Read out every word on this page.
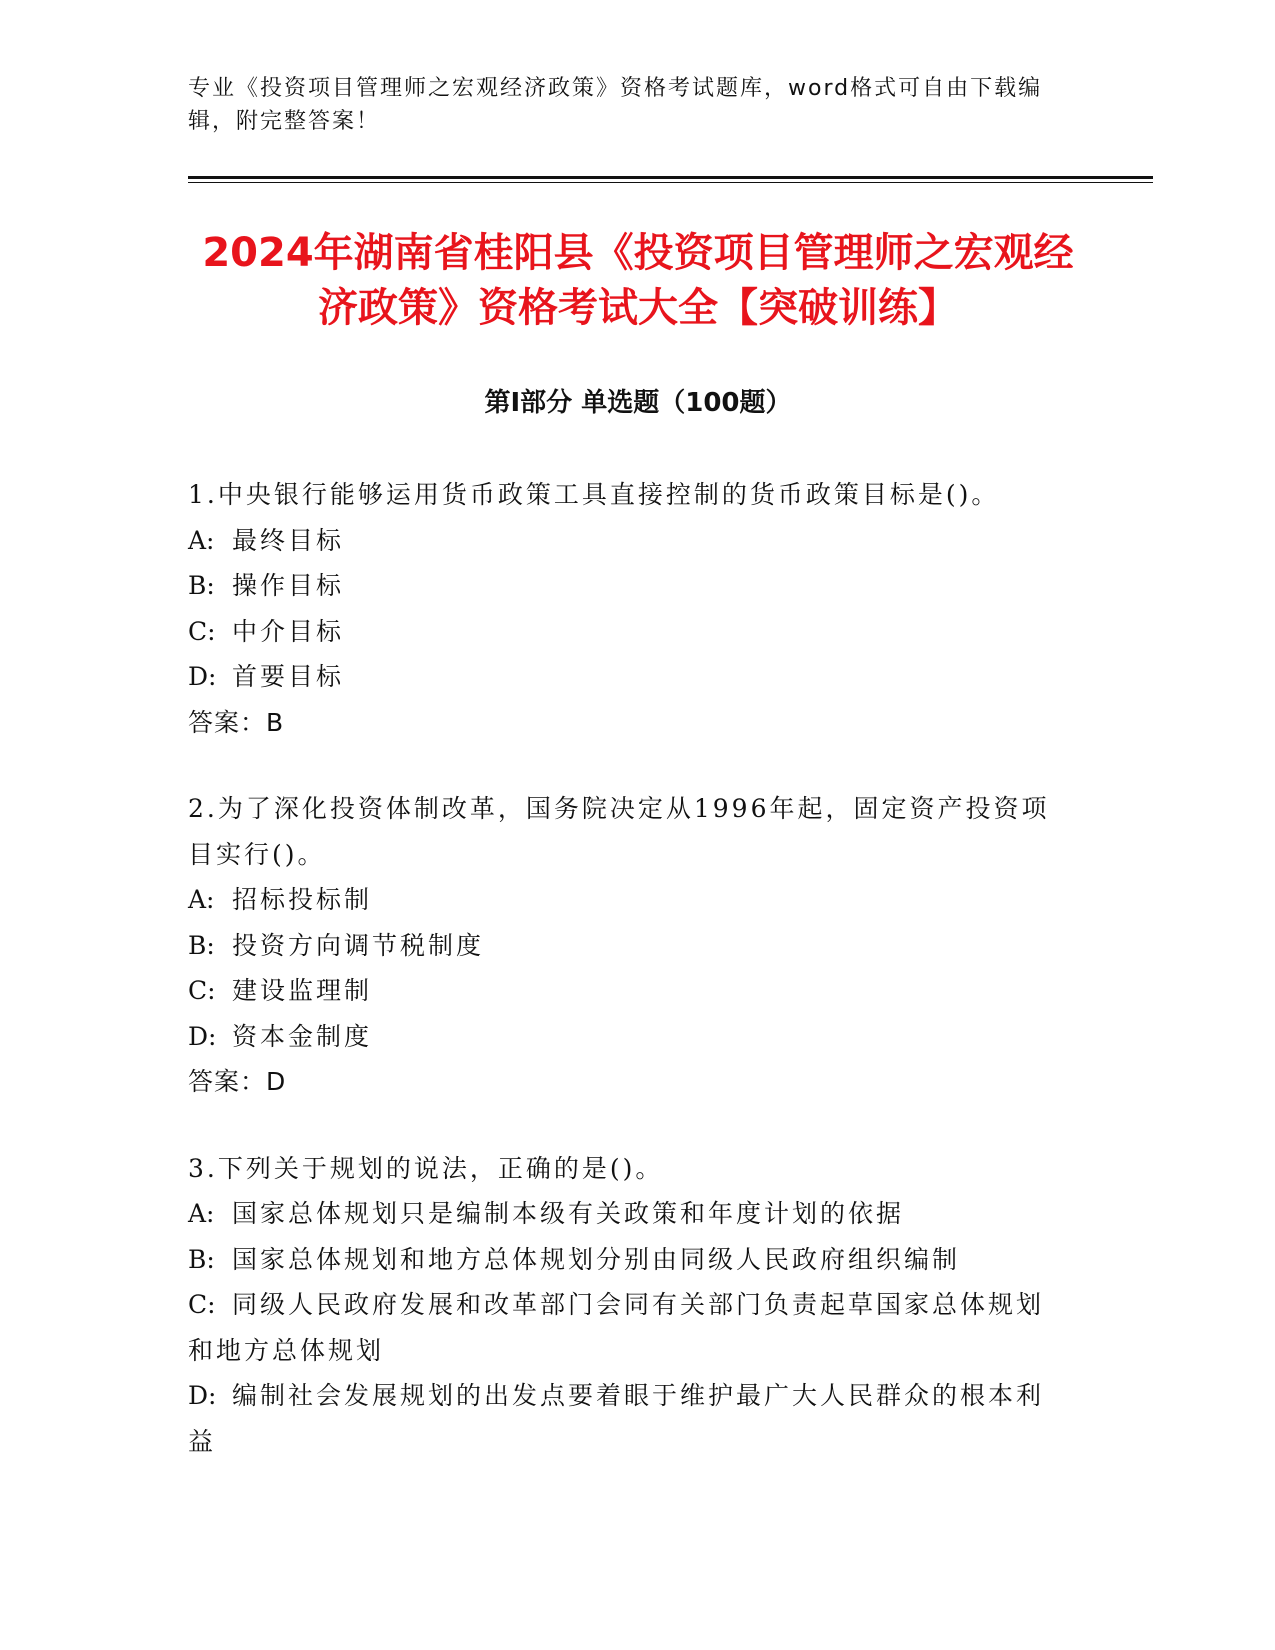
专业《投资项目管理师之宏观经济政策》资格考试题库，word格式可自由下载编辑，附完整答案！
2024年湖南省桂阳县《投资项目管理师之宏观经济政策》资格考试大全【突破训练】
第Ⅰ部分 单选题（100题）
1.中央银行能够运用货币政策工具直接控制的货币政策目标是()。
A: 最终目标
B: 操作目标
C: 中介目标
D: 首要目标
答案：B
2.为了深化投资体制改革，国务院决定从1996年起，固定资产投资项目实行()。
A: 招标投标制
B: 投资方向调节税制度
C: 建设监理制
D: 资本金制度
答案：D
3.下列关于规划的说法，正确的是()。
A: 国家总体规划只是编制本级有关政策和年度计划的依据
B: 国家总体规划和地方总体规划分别由同级人民政府组织编制
C: 同级人民政府发展和改革部门会同有关部门负责起草国家总体规划和地方总体规划
D: 编制社会发展规划的出发点要着眼于维护最广大人民群众的根本利益
